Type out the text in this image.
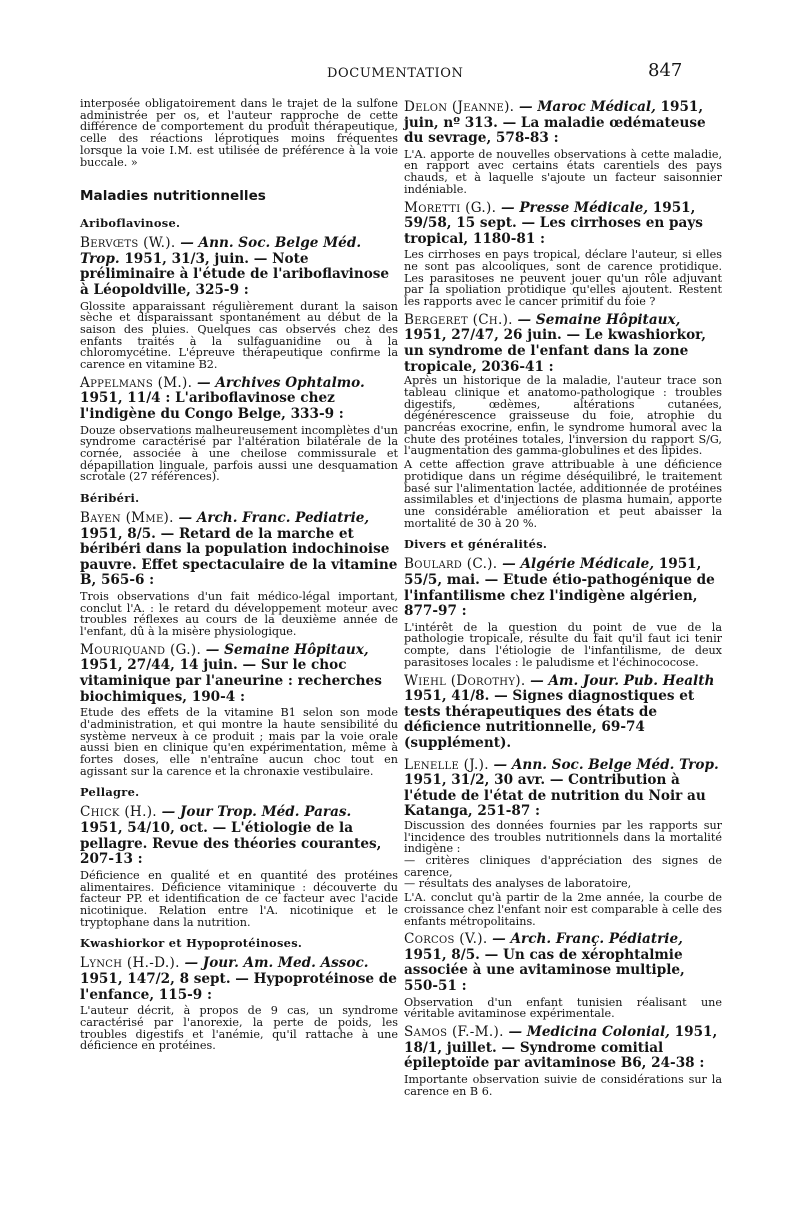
DOCUMENTATION	847

interposée obligatoirement dans le trajet de la sulfone administrée per os, et l'auteur rapproche de cette différence de comportement du produit thérapeutique, celle des réactions léprotiques moins fréquentes lorsque la voie I.M. est utilisée de préférence à la voie buccale. »

Maladies nutritionnelles
Ariboflavinose.
Bervœts (W.). — Ann. Soc. Belge Méd. Trop. 1951, 31/3, juin. — Note préliminaire à l'étude de l'ariboflavinose à Léopoldville, 325-9 :

Glossite apparaissant régulièrement durant la saison sèche et disparaissant spontanément au début de la saison des pluies. Quelques cas observés chez des enfants traités à la sulfaguanidine ou à la chloromycétine. L'épreuve thérapeutique confirme la carence en vitamine B2.

Appelmans (M.). — Archives Ophtalmo. 1951, 11/4 : L'ariboflavinose chez l'indigène du Congo Belge, 333-9 :

Douze observations malheureusement incomplètes d'un syndrome caractérisé par l'altération bilatérale de la cornée, associée à une cheilose commissurale et dépapillation linguale, parfois aussi une desquamation scrotale (27 références).

Béribéri.
Bayen (Mme). — Arch. Franc. Pediatrie, 1951, 8/5. — Retard de la marche et béribéri dans la population indochinoise pauvre. Effet spectaculaire de la vitamine B, 565-6 :

Trois observations d'un fait médico-légal important, conclut l'A. : le retard du développement moteur avec troubles réflexes au cours de la deuxième année de l'enfant, dû à la misère physiologique.

Mouriquand (G.). — Semaine Hôpitaux, 1951, 27/44, 14 juin. — Sur le choc vitaminique par l'aneurine : recherches biochimiques, 190-4 :

Etude des effets de la vitamine B1 selon son mode d'administration, et qui montre la haute sensibilité du système nerveux à ce produit ; mais par la voie orale aussi bien en clinique qu'en expérimentation, même à fortes doses, elle n'entraîne aucun choc tout en agissant sur la carence et la chronaxie vestibulaire.

Pellagre.
Chick (H.). — Jour Trop. Méd. Paras. 1951, 54/10, oct. — L'étiologie de la pellagre. Revue des théories courantes, 207-13 :

Déficience en qualité et en quantité des protéines alimentaires. Déficience vitaminique : découverte du facteur PP. et identification de ce facteur avec l'acide nicotinique. Relation entre l'A. nicotinique et le tryptophane dans la nutrition.

Kwashiorkor et Hypoprotéinoses.
Lynch (H.-D.). — Jour. Am. Med. Assoc. 1951, 147/2, 8 sept. — Hypoprotéinose de l'enfance, 115-9 :

L'auteur décrit, à propos de 9 cas, un syndrome caractérisé par l'anorexie, la perte de poids, les troubles digestifs et l'anémie, qu'il rattache à une déficience en protéines.

Delon (Jeanne). — Maroc Médical, 1951, juin, nº 313. — La maladie œdémateuse du sevrage, 578-83 :

L'A. apporte de nouvelles observations à cette maladie, en rapport avec certains états carentiels des pays chauds, et à laquelle s'ajoute un facteur saisonnier indéniable.

Moretti (G.). — Presse Médicale, 1951, 59/58, 15 sept. — Les cirrhoses en pays tropical, 1180-81 :

Les cirrhoses en pays tropical, déclare l'auteur, si elles ne sont pas alcooliques, sont de carence protidique. Les parasitoses ne peuvent jouer qu'un rôle adjuvant par la spoliation protidique qu'elles ajoutent. Restent les rapports avec le cancer primitif du foie ?

Bergeret (Ch.). — Semaine Hôpitaux, 1951, 27/47, 26 juin. — Le kwashiorkor, un syndrome de l'enfant dans la zone tropicale, 2036-41 :

Après un historique de la maladie, l'auteur trace son tableau clinique et anatomo-pathologique : troubles digestifs, œdèmes, altérations cutanées, dégénérescence graisseuse du foie, atrophie du pancréas exocrine, enfin, le syndrome humoral avec la chute des protéines totales, l'inversion du rapport S/G, l'augmentation des gamma-globulines et des lipides.

A cette affection grave attribuable à une déficience protidique dans un régime déséquilibré, le traitement basé sur l'alimentation lactée, additionnée de protéines assimilables et d'injections de plasma humain, apporte une considérable amélioration et peut abaisser la mortalité de 30 à 20 %.

Divers et généralités.
Boulard (C.). — Algérie Médicale, 1951, 55/5, mai. — Etude étio-pathogénique de l'infantilisme chez l'indigène algérien, 877-97 :

L'intérêt de la question du point de vue de la pathologie tropicale, résulte du fait qu'il faut ici tenir compte, dans l'étiologie de l'infantilisme, de deux parasitoses locales : le paludisme et l'échinococose.

Wiehl (Dorothy). — Am. Jour. Pub. Health 1951, 41/8. — Signes diagnostiques et tests thérapeutiques des états de déficience nutritionnelle, 69-74 (supplément).
Lenelle (J.). — Ann. Soc. Belge Méd. Trop. 1951, 31/2, 30 avr. — Contribution à l'étude de l'état de nutrition du Noir au Katanga, 251-87 :

Discussion des données fournies par les rapports sur l'incidence des troubles nutritionnels dans la mortalité indigène :

— critères cliniques d'appréciation des signes de carence,

— résultats des analyses de laboratoire,

L'A. conclut qu'à partir de la 2me année, la courbe de croissance chez l'enfant noir est comparable à celle des enfants métropolitains.

Corcos (V.). — Arch. Franç. Pédiatrie, 1951, 8/5. — Un cas de xérophtalmie associée à une avitaminose multiple, 550-51 :

Observation d'un enfant tunisien réalisant une véritable avitaminose expérimentale.

Samos (F.-M.). — Medicina Colonial, 1951, 18/1, juillet. — Syndrome comitial épileptoïde par avitaminose B6, 24-38 :

Importante observation suivie de considérations sur la carence en B 6.
